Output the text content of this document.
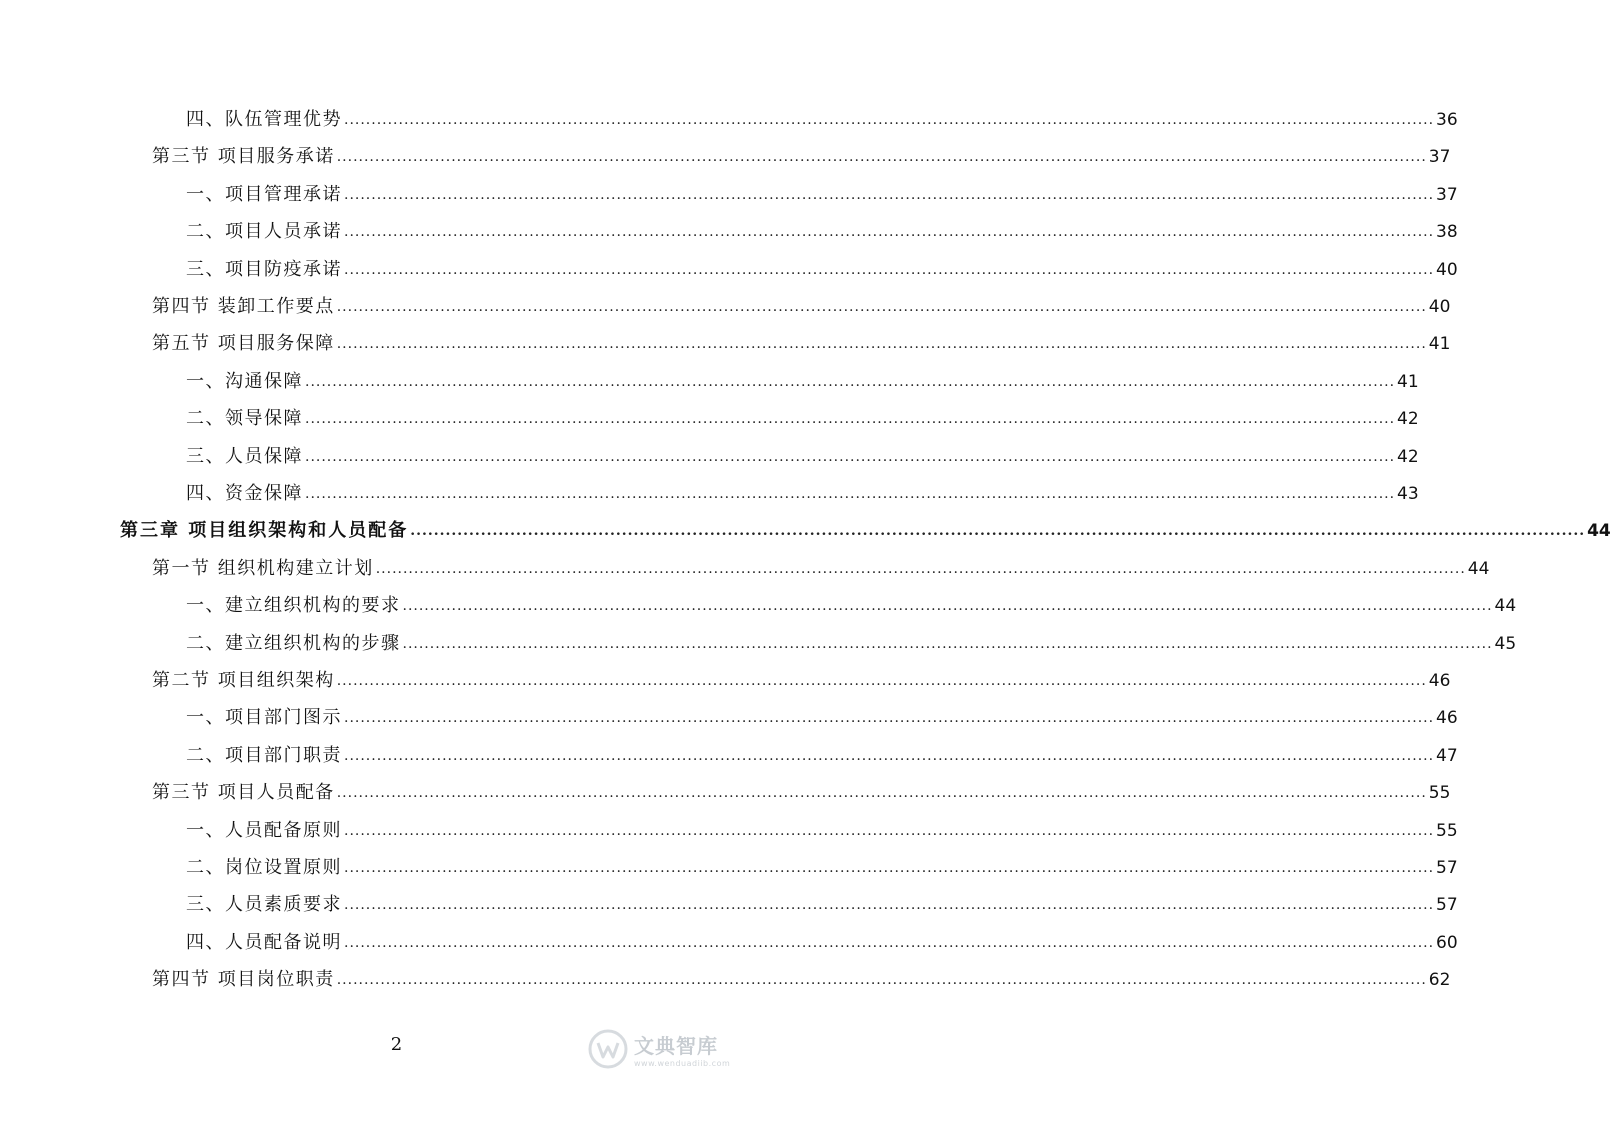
四、队伍管理优势 ........................................................................................................................................................................................................ 36
第三节 项目服务承诺 ........................................................................................................................................................................................................ 37
一、项目管理承诺 ........................................................................................................................................................................................................ 37
二、项目人员承诺 ........................................................................................................................................................................................................ 38
三、项目防疫承诺 ........................................................................................................................................................................................................ 40
第四节 装卸工作要点 ........................................................................................................................................................................................................ 40
第五节 项目服务保障 ........................................................................................................................................................................................................ 41
一、沟通保障 ........................................................................................................................................................................................................ 41
二、领导保障 ........................................................................................................................................................................................................ 42
三、人员保障 ........................................................................................................................................................................................................ 42
四、资金保障 ........................................................................................................................................................................................................ 43
第三章 项目组织架构和人员配备 ........................................................................................................................................................................................................ 44
第一节 组织机构建立计划 ........................................................................................................................................................................................................ 44
一、建立组织机构的要求 ........................................................................................................................................................................................................ 44
二、建立组织机构的步骤 ........................................................................................................................................................................................................ 45
第二节 项目组织架构 ........................................................................................................................................................................................................ 46
一、项目部门图示 ........................................................................................................................................................................................................ 46
二、项目部门职责 ........................................................................................................................................................................................................ 47
第三节 项目人员配备 ........................................................................................................................................................................................................ 55
一、人员配备原则 ........................................................................................................................................................................................................ 55
二、岗位设置原则 ........................................................................................................................................................................................................ 57
三、人员素质要求 ........................................................................................................................................................................................................ 57
四、人员配备说明 ........................................................................................................................................................................................................ 60
第四节 项目岗位职责 ........................................................................................................................................................................................................ 62
2	文典智库
www.wenduadiib.com
